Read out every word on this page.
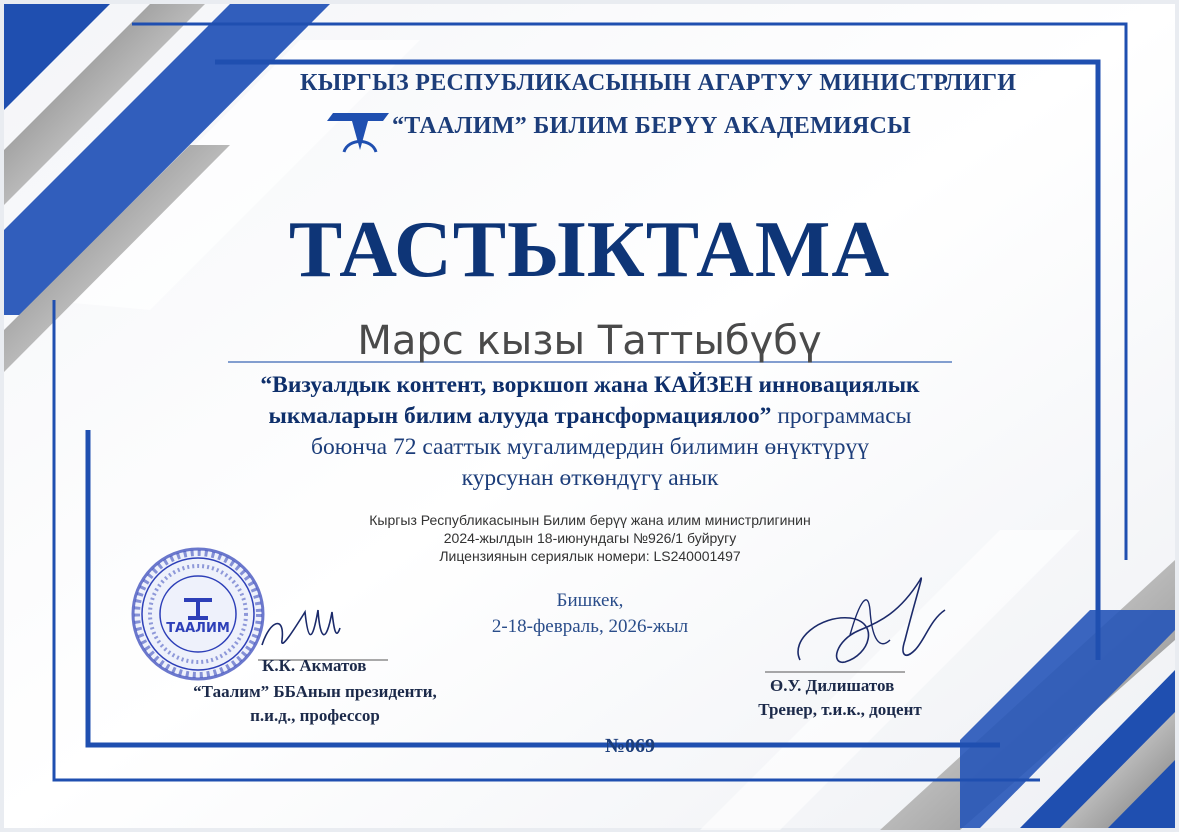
ТААЛИМ
КЫРГЫЗ РЕСПУБЛИКАСЫНЫН АГАРТУУ МИНИСТРЛИГИ
“ТААЛИМ” БИЛИМ БЕРҮҮ АКАДЕМИЯСЫ
ТАСТЫКТАМА
Марс кызы Таттыбүбү
“Визуалдык контент, воркшоп жана КАЙЗЕН инновациялык
ыкмаларын билим алууда трансформациялоо” программасы
боюнча 72 сааттык мугалимдердин билимин өнүктүрүү
курсунан өткөндүгү анык
Кыргыз Республикасынын Билим берүү жана илим министрлигинин
2024-жылдын 18-июнундагы №926/1 буйругу
Лицензиянын сериялык номери: LS240001497
Бишкек,
2-18-февраль, 2026-жыл
К.К. Акматов
“Таалим” ББАнын президенти,
п.и.д., профессор
Ө.У. Дилишатов
Тренер, т.и.к., доцент
№069
